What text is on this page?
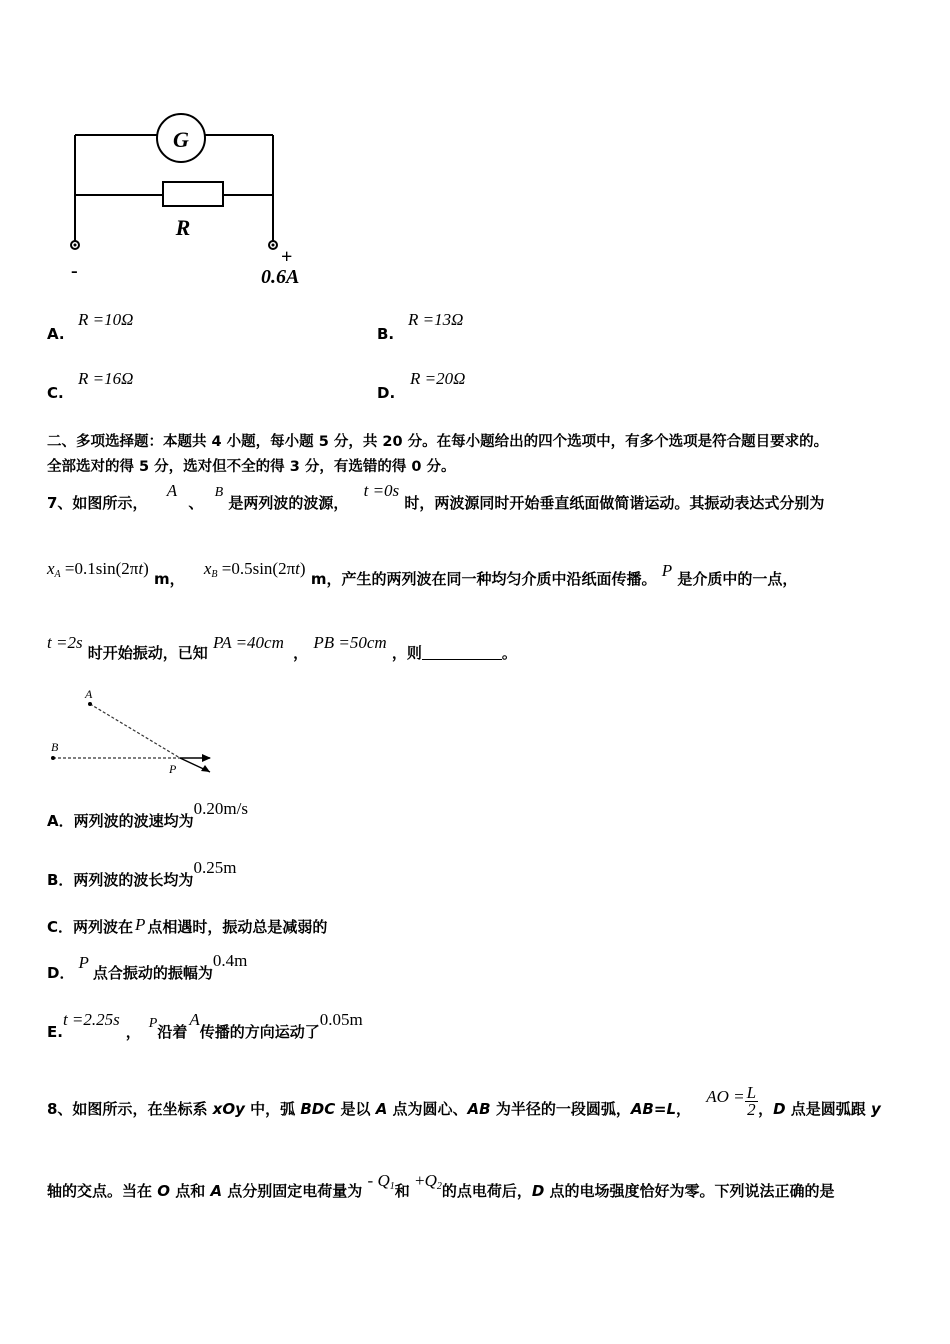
G
R
-
+
0.6A
A.
R =10Ω
B.
R =13Ω
C.
R =16Ω
D.
R =20Ω
二、多项选择题：本题共 4 小题，每小题 5 分，共 20 分。在每小题给出的四个选项中，有多个选项是符合题目要求的。
全部选对的得 5 分，选对但不全的得 3 分，有选错的得 0 分。
7、如图所示， A 、 B 是两列波的波源， t =0s 时，两波源同时开始垂直纸面做简谐运动。其振动表达式分别为
$x_A =0.1\sin(2\pi t)$ m， $x_B =0.5\sin(2\pi t)$ m，产生的两列波在同一种均匀介质中沿纸面传播。 P 是介质中的一点，
t =2s 时开始振动，已知 PA =40cm ， PB =50cm ，则	。
A
B
P
A．两列波的波速均为0.20m/s
B．两列波的波长均为0.25m
C．两列波在 P 点相遇时，振动总是减弱的
D．P点合振动的振幅为0.4m
E.t =2.25s， P沿着A传播的方向运动了0.05m
8、如图所示，在坐标系 xOy 中，弧 BDC 是以 A 点为圆心、AB 为半径的一段圆弧，AB=L， AO = $\frac{L}{2}$ ，D 点是圆弧跟 y
轴的交点。当在 O 点和 A 点分别固定电荷量为 - $Q_1$和 $+Q_2$的点电荷后，D 点的电场强度恰好为零。下列说法正确的是
